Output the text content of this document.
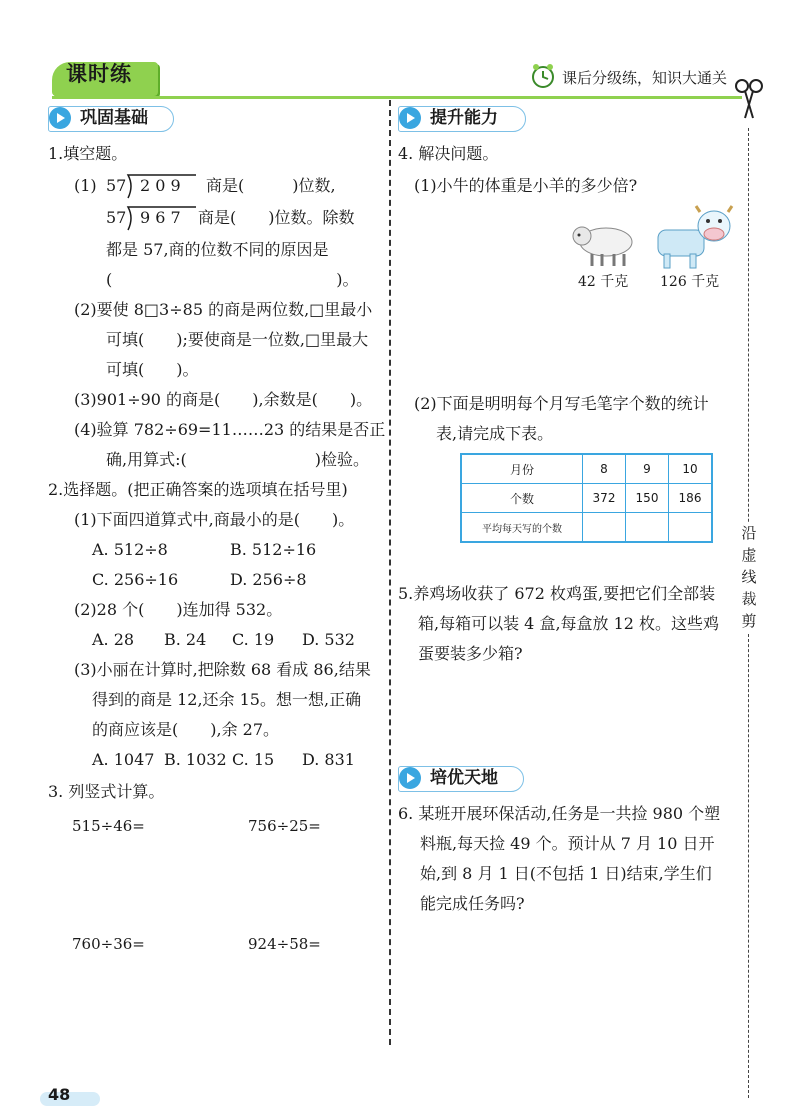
课时练	课后分级练，知识大通关
沿虚线裁剪
巩固基础
1.填空题。
(1) 57 2 0 9 商是(　　　)位数,
57 9 6 7 商是(　　)位数。除数
都是 57,商的位数不同的原因是
(　　　　　　　　　　　　　　)。
(2)要使 8□3÷85 的商是两位数,□里最小
可填(　　);要使商是一位数,□里最大
可填(　　)。
(3)901÷90 的商是(　　),余数是(　　)。
(4)验算 782÷69=11……23 的结果是否正
确,用算式:(　　　　　　　　)检验。
2.选择题。(把正确答案的选项填在括号里)
(1)下面四道算式中,商最小的是(　　)。
A. 512÷8	B. 512÷16
C. 256÷16	D. 256÷8
(2)28 个(　　)连加得 532。
A. 28 B. 24 C. 19 D. 532
(3)小丽在计算时,把除数 68 看成 86,结果
得到的商是 12,还余 15。想一想,正确
的商应该是(　　),余 27。
A. 1047 B. 1032 C. 15 D. 831
3. 列竖式计算。
515÷46=	756÷25=
760÷36=	924÷58=
提升能力
4. 解决问题。
(1)小牛的体重是小羊的多少倍?
42 千克 126 千克
(2)下面是明明每个月写毛笔字个数的统计
表,请完成下表。
月份	8	9	10
个数	372	150	186
平均每天写的个数			
5.养鸡场收获了 672 枚鸡蛋,要把它们全部装
箱,每箱可以装 4 盒,每盒放 12 枚。这些鸡
蛋要装多少箱?
培优天地
6. 某班开展环保活动,任务是一共捡 980 个塑
料瓶,每天捡 49 个。预计从 7 月 10 日开
始,到 8 月 1 日(不包括 1 日)结束,学生们
能完成任务吗?
48
